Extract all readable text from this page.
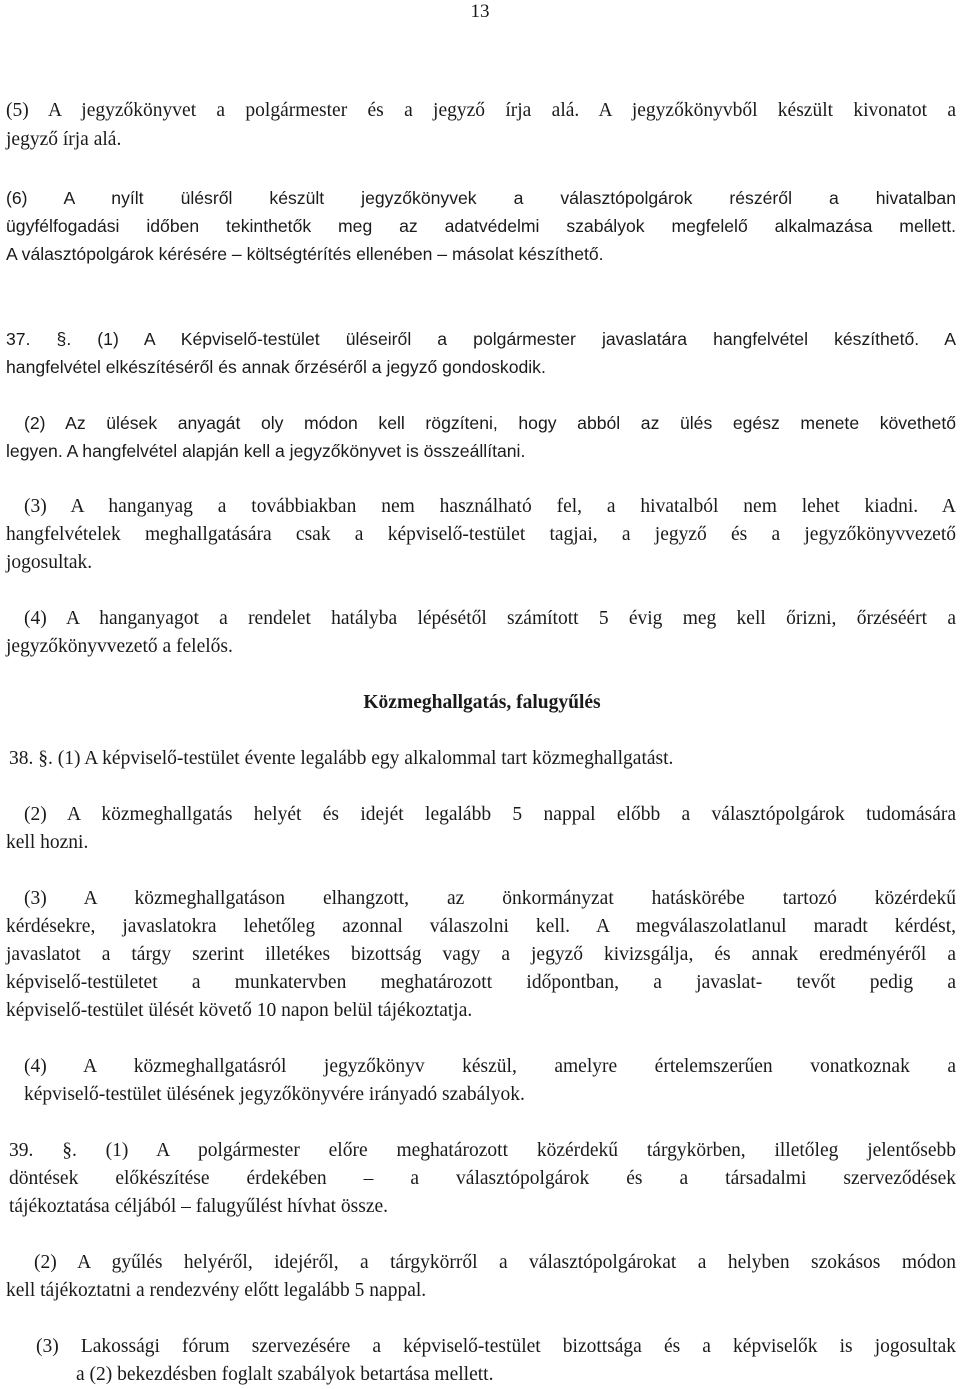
13
(5) A jegyzőkönyvet a polgármester és a jegyző írja alá. A jegyzőkönyvből készült kivonatot a
jegyző írja alá.
(6) A nyílt ülésről készült jegyzőkönyvek a választópolgárok részéről a hivatalban
ügyfélfogadási időben tekinthetők meg az adatvédelmi szabályok megfelelő alkalmazása mellett.
A választópolgárok kérésére – költségtérítés ellenében – másolat készíthető.
37. §. (1) A Képviselő-testület üléseiről a polgármester javaslatára hangfelvétel készíthető. A
hangfelvétel elkészítéséről és annak őrzéséről a jegyző gondoskodik.
(2) Az ülések anyagát oly módon kell rögzíteni, hogy abból az ülés egész menete követhető
legyen. A hangfelvétel alapján kell a jegyzőkönyvet is összeállítani.
(3) A hanganyag a továbbiakban nem használható fel, a hivatalból nem lehet kiadni. A
hangfelvételek meghallgatására csak a képviselő-testület tagjai, a jegyző és a jegyzőkönyvvezető
jogosultak.
(4) A hanganyagot a rendelet hatályba lépésétől számított 5 évig meg kell őrizni, őrzéséért a
jegyzőkönyvvezető a felelős.
Közmeghallgatás, falugyűlés
38. §. (1) A képviselő-testület évente legalább egy alkalommal tart közmeghallgatást.
(2) A közmeghallgatás helyét és idejét legalább 5 nappal előbb a választópolgárok tudomására
kell hozni.
(3) A közmeghallgatáson elhangzott, az önkormányzat hatáskörébe tartozó közérdekű
kérdésekre, javaslatokra lehetőleg azonnal válaszolni kell. A megválaszolatlanul maradt kérdést,
javaslatot a tárgy szerint illetékes bizottság vagy a jegyző kivizsgálja, és annak eredményéről a
képviselő-testületet a munkatervben meghatározott időpontban, a javaslat- tevőt pedig a
képviselő-testület ülését követő 10 napon belül tájékoztatja.
(4) A közmeghallgatásról jegyzőkönyv készül, amelyre értelemszerűen vonatkoznak a
képviselő-testület ülésének jegyzőkönyvére irányadó szabályok.
39. §. (1) A polgármester előre meghatározott közérdekű tárgykörben, illetőleg jelentősebb
döntések előkészítése érdekében – a választópolgárok és a társadalmi szerveződések
tájékoztatása céljából – falugyűlést hívhat össze.
(2) A gyűlés helyéről, idejéről, a tárgykörről a választópolgárokat a helyben szokásos módon
kell tájékoztatni a rendezvény előtt legalább 5 nappal.
(3) Lakossági fórum szervezésére a képviselő-testület bizottsága és a képviselők is jogosultak
a (2) bekezdésben foglalt szabályok betartása mellett.
